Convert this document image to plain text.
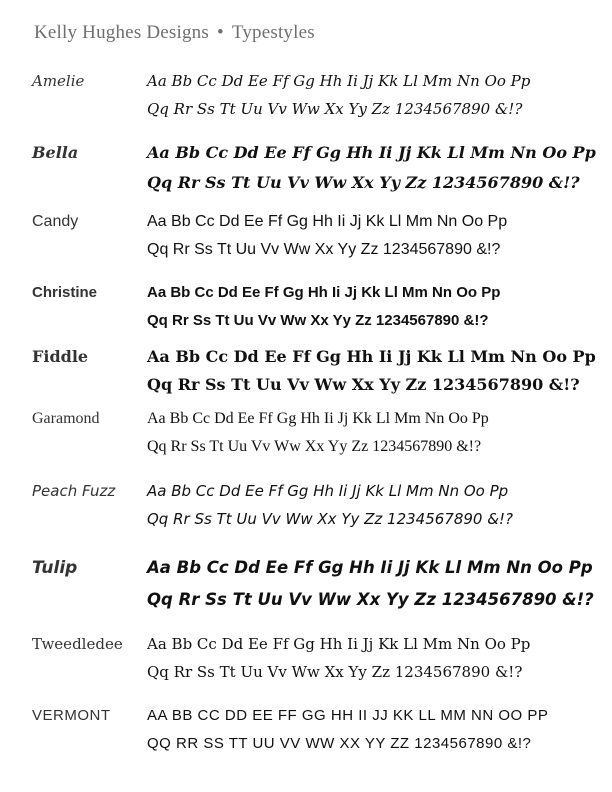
Kelly Hughes Designs • Typestyles
Amelie	Aa Bb Cc Dd Ee Ff Gg Hh Ii Jj Kk Ll Mm Nn Oo Pp
Qq Rr Ss Tt Uu Vv Ww Xx Yy Zz 1234567890 &!?
Bella	Aa Bb Cc Dd Ee Ff Gg Hh Ii Jj Kk Ll Mm Nn Oo Pp
Qq Rr Ss Tt Uu Vv Ww Xx Yy Zz 1234567890 &!?
Candy	Aa Bb Cc Dd Ee Ff Gg Hh Ii Jj Kk Ll Mm Nn Oo Pp
Qq Rr Ss Tt Uu Vv Ww Xx Yy Zz 1234567890 &!?
Christine	Aa Bb Cc Dd Ee Ff Gg Hh Ii Jj Kk Ll Mm Nn Oo Pp
Qq Rr Ss Tt Uu Vv Ww Xx Yy Zz 1234567890 &!?
Fiddle	Aa Bb Cc Dd Ee Ff Gg Hh Ii Jj Kk Ll Mm Nn Oo Pp
Qq Rr Ss Tt Uu Vv Ww Xx Yy Zz 1234567890 &!?
Garamond	Aa Bb Cc Dd Ee Ff Gg Hh Ii Jj Kk Ll Mm Nn Oo Pp
Qq Rr Ss Tt Uu Vv Ww Xx Yy Zz 1234567890 &!?
Peach Fuzz Aa Bb Cc Dd Ee Ff Gg Hh Ii Jj Kk Ll Mm Nn Oo Pp
Qq Rr Ss Tt Uu Vv Ww Xx Yy Zz 1234567890 &!?
Tulip	Aa Bb Cc Dd Ee Ff Gg Hh Ii Jj Kk Ll Mm Nn Oo Pp
Qq Rr Ss Tt Uu Vv Ww Xx Yy Zz 1234567890 &!?
Tweedledee Aa Bb Cc Dd Ee Ff Gg Hh Ii Jj Kk Ll Mm Nn Oo Pp
Qq Rr Ss Tt Uu Vv Ww Xx Yy Zz 1234567890 &!?
VERMONT AA BB CC DD EE FF GG HH II JJ KK LL MM NN OO PP
QQ RR SS TT UU VV WW XX YY ZZ 1234567890 &!?
